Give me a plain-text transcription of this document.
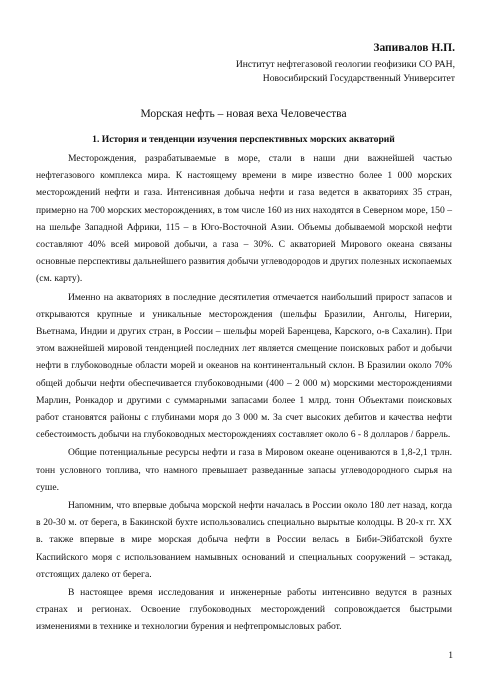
Запивалов Н.П.
Институт нефтегазовой геологии геофизики СО РАН,
Новосибирский Государственный Университет
Морская нефть – новая веха Человечества
1. История и тенденции изучения перспективных морских акваторий

Месторождения, разрабатываемые в море, стали в наши дни важнейшей частью нефтегазового комплекса мира. К настоящему времени в мире известно более 1 000 морских месторождений нефти и газа. Интенсивная добыча нефти и газа ведется в акваториях 35 стран, примерно на 700 морских месторождениях, в том числе 160 из них находятся в Северном море, 150 – на шельфе Западной Африки, 115 – в Юго-Восточной Азии. Объемы добываемой морской нефти составляют 40% всей мировой добычи, а газа – 30%. С акваторией Мирового океана связаны основные перспективы дальнейшего развития добычи углеводородов и других полезных ископаемых (см. карту).

Именно на акваториях в последние десятилетия отмечается наибольший прирост запасов и открываются крупные и уникальные месторождения (шельфы Бразилии, Анголы, Нигерии, Вьетнама, Индии и других стран, в России – шельфы морей Баренцева, Карского, о-в Сахалин). При этом важнейшей мировой тенденцией последних лет является смещение поисковых работ и добычи нефти в глубоководные области морей и океанов на континентальный склон. В Бразилии около 70% общей добычи нефти обеспечивается глубоководными (400 – 2 000 м) морскими месторождениями Марлин, Ронкадор и другими с суммарными запасами более 1 млрд. тонн Объектами поисковых работ становятся районы с глубинами моря до 3 000 м. За счет высоких дебитов и качества нефти себестоимость добычи на глубоководных месторождениях составляет около 6 - 8 долларов / баррель.

Общие потенциальные ресурсы нефти и газа в Мировом океане оцениваются в 1,8-2,1 трлн. тонн условного топлива, что намного превышает разведанные запасы углеводородного сырья на суше.

Напомним, что впервые добыча морской нефти началась в России около 180 лет назад, когда в 20-30 м. от берега, в Бакинской бухте использовались специально вырытые колодцы. В 20-х гг. XX в. также впервые в мире морская добыча нефти в России велась в Биби-Эйбатской бухте Каспийского моря с использованием намывных оснований и специальных сооружений – эстакад, отстоящих далеко от берега.

В настоящее время исследования и инженерные работы интенсивно ведутся в разных странах и регионах. Освоение глубоководных месторождений сопровождается быстрыми изменениями в технике и технологии бурения и нефтепромысловых работ.

1
